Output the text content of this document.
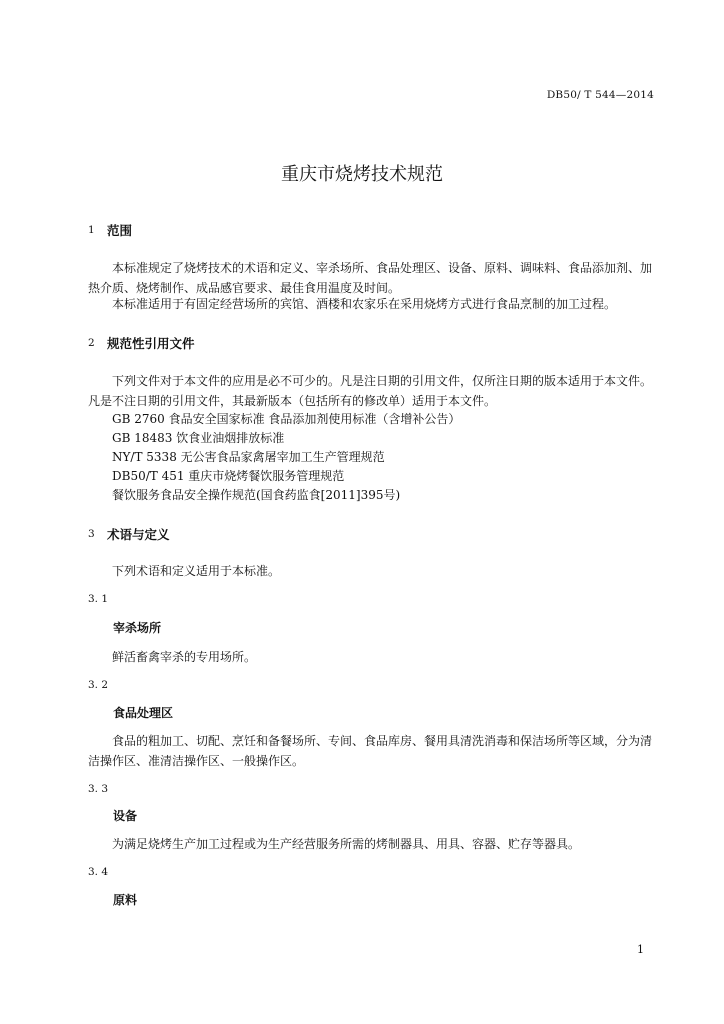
DB50/ T 544—2014
重庆市烧烤技术规范
1 范围
本标准规定了烧烤技术的术语和定义、宰杀场所、食品处理区、设备、原料、调味料、食品添加剂、加热介质、烧烤制作、成品感官要求、最佳食用温度及时间。
本标准适用于有固定经营场所的宾馆、酒楼和农家乐在采用烧烤方式进行食品烹制的加工过程。
2 规范性引用文件
下列文件对于本文件的应用是必不可少的。凡是注日期的引用文件，仅所注日期的版本适用于本文件。凡是不注日期的引用文件，其最新版本（包括所有的修改单）适用于本文件。
GB 2760 食品安全国家标准 食品添加剂使用标准（含增补公告）
GB 18483 饮食业油烟排放标准
NY/T 5338 无公害食品家禽屠宰加工生产管理规范
DB50/T 451 重庆市烧烤餐饮服务管理规范
餐饮服务食品安全操作规范(国食药监食[2011]395号)
3 术语与定义
下列术语和定义适用于本标准。
3. 1
宰杀场所
鲜活畜禽宰杀的专用场所。
3. 2
食品处理区
食品的粗加工、切配、烹饪和备餐场所、专间、食品库房、餐用具清洗消毒和保洁场所等区域，分为清洁操作区、准清洁操作区、一般操作区。
3. 3
设备
为满足烧烤生产加工过程或为生产经营服务所需的烤制器具、用具、容器、贮存等器具。
3. 4
原料
1
